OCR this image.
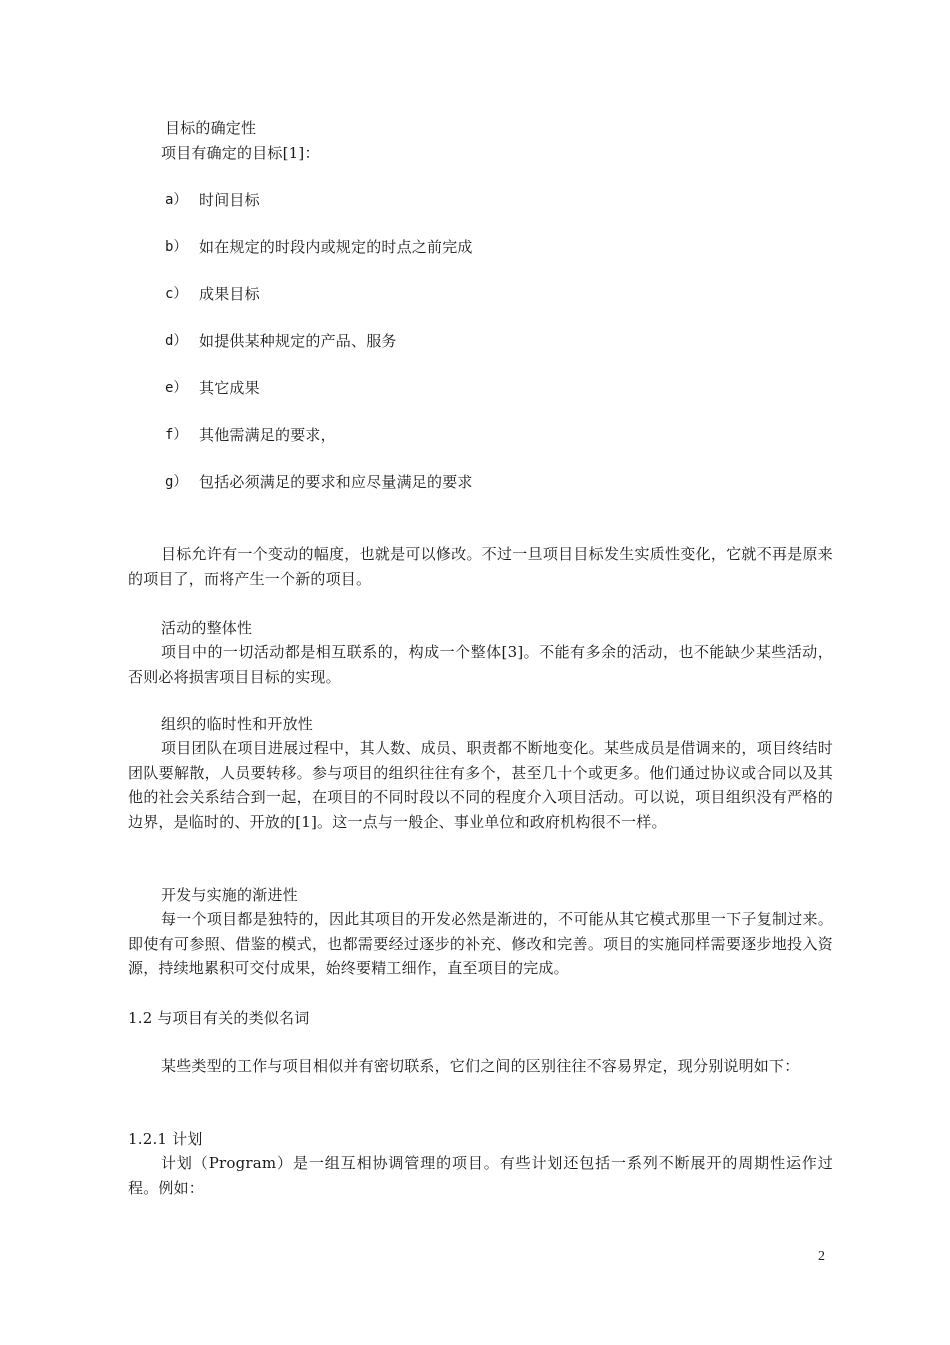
目标的确定性
项目有确定的目标[1]：
a） 时间目标
b） 如在规定的时段内或规定的时点之前完成
c） 成果目标
d） 如提供某种规定的产品、服务
e） 其它成果
f） 其他需满足的要求，
g） 包括必须满足的要求和应尽量满足的要求
目标允许有一个变动的幅度，也就是可以修改。不过一旦项目目标发生实质性变化，它就不再是原来的项目了，而将产生一个新的项目。
活动的整体性
项目中的一切活动都是相互联系的，构成一个整体[3]。不能有多余的活动，也不能缺少某些活动，否则必将损害项目目标的实现。
组织的临时性和开放性
项目团队在项目进展过程中，其人数、成员、职责都不断地变化。某些成员是借调来的，项目终结时团队要解散，人员要转移。参与项目的组织往往有多个，甚至几十个或更多。他们通过协议或合同以及其他的社会关系结合到一起，在项目的不同时段以不同的程度介入项目活动。可以说，项目组织没有严格的边界，是临时的、开放的[1]。这一点与一般企、事业单位和政府机构很不一样。
开发与实施的渐进性
每一个项目都是独特的，因此其项目的开发必然是渐进的，不可能从其它模式那里一下子复制过来。即使有可参照、借鉴的模式，也都需要经过逐步的补充、修改和完善。项目的实施同样需要逐步地投入资源，持续地累积可交付成果，始终要精工细作，直至项目的完成。
1.2 与项目有关的类似名词
某些类型的工作与项目相似并有密切联系，它们之间的区别往往不容易界定，现分别说明如下：
1.2.1 计划
计划（Program）是一组互相协调管理的项目。有些计划还包括一系列不断展开的周期性运作过程。例如：
2
